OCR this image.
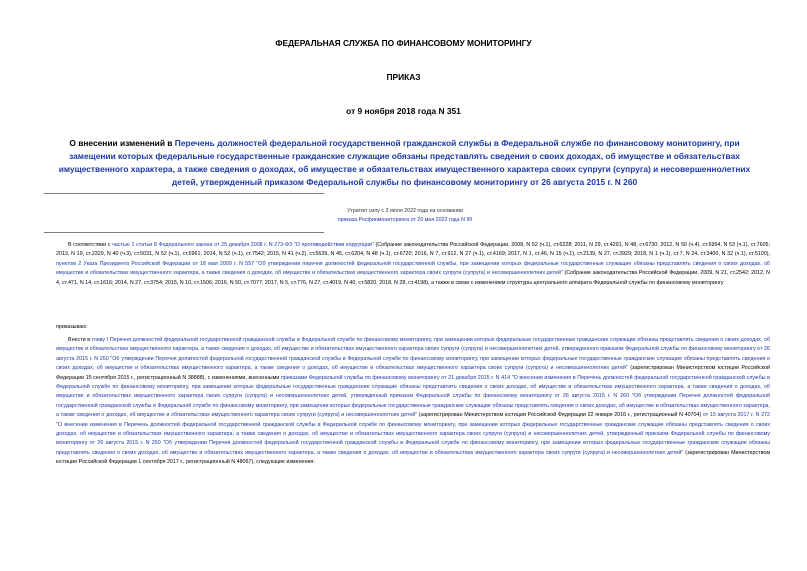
ФЕДЕРАЛЬНАЯ СЛУЖБА ПО ФИНАНСОВОМУ МОНИТОРИНГУ
ПРИКАЗ
от 9 ноября 2018 года N 351
О внесении изменений в Перечень должностей федеральной государственной гражданской службы в Федеральной службе по финансовому мониторингу, при замещении которых федеральные государственные гражданские служащие обязаны представлять сведения о своих доходах, об имуществе и обязательствах имущественного характера, а также сведения о доходах, об имуществе и обязательствах имущественного характера своих супруги (супруга) и несовершеннолетних детей, утвержденный приказом Федеральной службы по финансовому мониторингу от 26 августа 2015 г. N 260
Утратил силу с 3 июля 2022 года на основании
приказа Росфинмониторинга от 20 мая 2022 года N 99
В соответствии с частью 1 статьи 8 Федерального закона от 25 декабря 2008 г. N 273-ФЗ "О противодействии коррупции" (Собрание законодательства Российской Федерации, 2008, N 52 (ч.1), ст.6228; 2011, N 29, ст.4291, N 48, ст.6730; 2012, N 50 (ч.4), ст.6954, N 53 (ч.1), ст.7605; 2013, N 19, ст.2329, N 40 (ч.3), ст.5031, N 52 (ч.1), ст.6961; 2014, N 52 (ч.1), ст.7542; 2015, N 41 (ч.2), ст.5639, N 45, ст.6204, N 48 (ч.1), ст.6720; 2016, N 7, ст.912, N 27 (ч.1), ст.4169; 2017, N 1, ст.46, N 15 (ч.1), ст.2139, N 27, ст.3929; 2018, N 1 (ч.1), ст.7, N 24, ст.3400, N 32 (ч.1), ст.5100), пунктом 2 Указа Президента Российской Федерации от 18 мая 2009 г. N 557 "Об утверждении перечня должностей федеральной государственной службы, при замещении которых федеральные государственные служащие обязаны представлять сведения о своих доходах, об имуществе и обязательствах имущественного характера, а также сведения о доходах, об имуществе и обязательствах имущественного характера своих супруги (супруга) и несовершеннолетних детей" (Собрание законодательства Российской Федерации, 2009, N 21, ст.2542; 2012, N 4, ст.471, N 14, ст.1616; 2014, N 27, ст.3754; 2015, N 10, ст.1506; 2016, N 50, ст.7077; 2017, N 5, ст.776, N 27, ст.4019, N 40, ст.5820; 2018, N 28, ст.4198), а также в связи с изменением структуры центрального аппарата Федеральной службы по финансовому мониторингу
приказываю:
Внести в главу I Перечня должностей федеральной государственной гражданской службы в Федеральной службе по финансовому мониторингу, при замещении которых федеральные государственные гражданские служащие обязаны представлять сведения о своих доходах, об имуществе и обязательствах имущественного характера, а также сведения о доходах, об имуществе и обязательствах имущественного характера своих супруги (супруга) и несовершеннолетних детей, утвержденного приказом Федеральной службы по финансовому мониторингу от 26 августа 2015 г. N 260 "Об утверждении Перечня должностей федеральной государственной гражданской службы в Федеральной службе по финансовому мониторингу, при замещении которых федеральные государственные гражданские служащие обязаны представлять сведения о своих доходах, об имуществе и обязательствах имущественного характера, а также сведения о доходах, об имуществе и обязательствах имущественного характера своих супруги (супруга) и несовершеннолетних детей" (зарегистрирован Министерством юстиции Российской Федерации 15 сентября 2015 г., регистрационный N 38888), с изменениями, внесенными приказами Федеральной службы по финансовому мониторингу от 21 декабря 2015 г. N 414 "О внесении изменения в Перечень должностей федеральной государственной гражданской службы в Федеральной службе по финансовому мониторингу, при замещении которых федеральные государственные гражданские служащие обязаны представлять сведения о своих доходах, об имуществе и обязательствах имущественного характера, а также сведения о доходах, об имуществе и обязательствах имущественного характера своих супруги (супруга) и несовершеннолетних детей, утвержденный приказом Федеральной службы по финансовому мониторингу от 26 августа 2015 г. N 260 "Об утверждении Перечня должностей федеральной государственной гражданской службы в Федеральной службе по финансовому мониторингу, при замещении которых федеральные государственные гражданские служащие обязаны представлять сведения о своих доходах, об имуществе и обязательствах имущественного характера, а также сведения о доходах, об имуществе и обязательствах имущественного характера своих супруги (супруга) и несовершеннолетних детей" (зарегистрирован Министерством юстиции Российской Федерации 22 января 2016 г., регистрационный N 40704) от 15 августа 2017 г. N 272 "О внесении изменения в Перечень должностей федеральной государственной гражданской службы в Федеральной службе по финансовому мониторингу, при замещении которых федеральные государственные гражданские служащие обязаны представлять сведения о своих доходах, об имуществе и обязательствах имущественного характера, а также сведения о доходах, об имуществе и обязательствах имущественного характера своих супруги (супруга) и несовершеннолетних детей, утвержденный приказом Федеральной службы по финансовому мониторингу от 26 августа 2015 г. N 260 "Об утверждении Перечня должностей федеральной государственной гражданской службы в Федеральной службе по финансовому мониторингу, при замещении которых федеральные государственные гражданские служащие обязаны представлять сведения о своих доходах, об имуществе и обязательствах имущественного характера, а также сведения о доходах, об имуществе и обязательствах имущественного характера своих супруги (супруга) и несовершеннолетних детей" (зарегистрирован Министерством юстиции Российской Федерации 1 сентября 2017 г., регистрационный N 48067), следующие изменения:
